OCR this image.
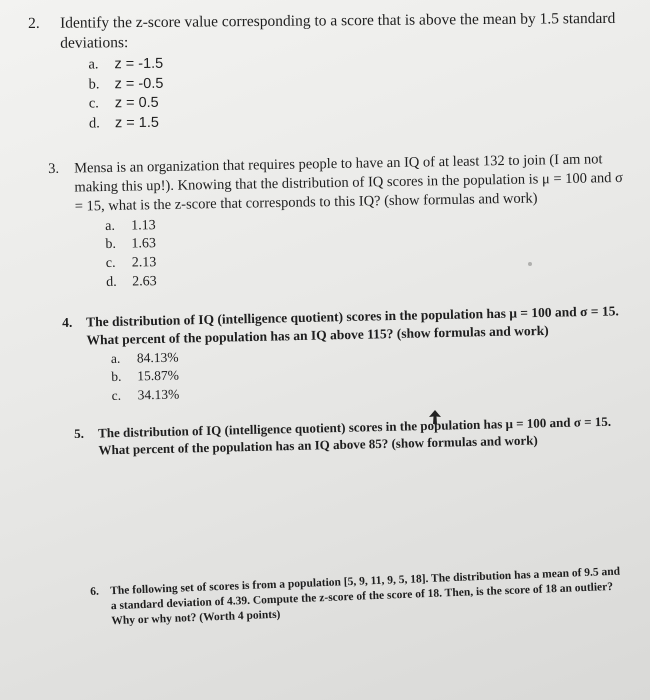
2.	Identify the z-score value corresponding to a score that is above the mean by 1.5 standard deviations:
a.	z = -1.5
b.	z = -0.5
c.	z = 0.5
d.	z = 1.5
3.	Mensa is an organization that requires people to have an IQ of at least 132 to join (I am not making this up!). Knowing that the distribution of IQ scores in the population is μ = 100 and σ = 15, what is the z-score that corresponds to this IQ? (show formulas and work)
a.	1.13
b.	1.63
c.	2.13
d.	2.63
4.	The distribution of IQ (intelligence quotient) scores in the population has μ = 100 and σ = 15. What percent of the population has an IQ above 115? (show formulas and work)
a.	84.13%
b.	15.87%
c.	34.13%
5.	The distribution of IQ (intelligence quotient) scores in the population has μ = 100 and σ = 15. What percent of the population has an IQ above 85? (show formulas and work)
6. The following set of scores is from a population [5, 9, 11, 9, 5, 18]. The distribution has a mean of 9.5 and a standard deviation of 4.39. Compute the z-score of the score of 18. Then, is the score of 18 an outlier? Why or why not? (Worth 4 points)
